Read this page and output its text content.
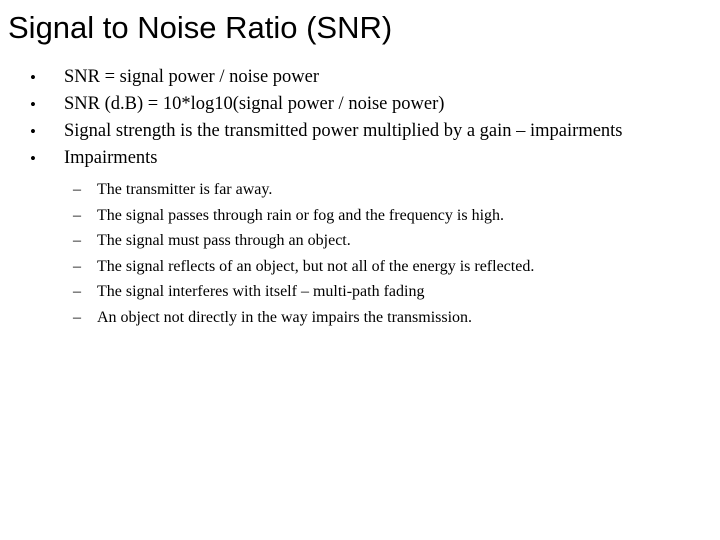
Signal to Noise Ratio (SNR)
• SNR = signal power / noise power
• SNR (d.B) = 10*log10(signal power / noise power)
• Signal strength is the transmitted power multiplied by a gain – impairments
• Impairments
– The transmitter is far away.
– The signal passes through rain or fog and the frequency is high.
– The signal must pass through an object.
– The signal reflects of an object, but not all of the energy is reflected.
– The signal interferes with itself – multi-path fading
– An object not directly in the way impairs the transmission.
